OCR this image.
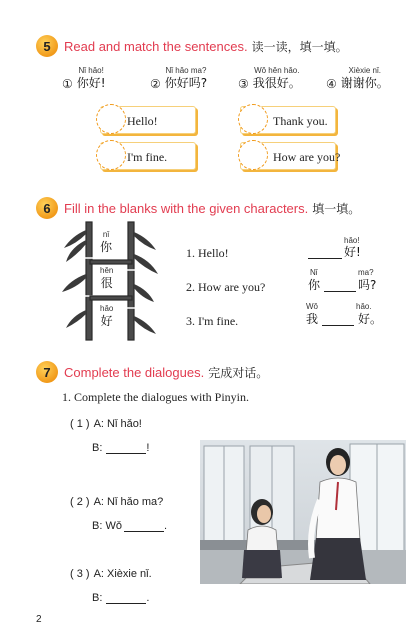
5 Read and match the sentences. 读一读，填一填。
①
Nǐ hǎo!
你好!	②
Nǐ hǎo ma?
你好吗?	③
Wǒ hěn hǎo.
我很好。 ④
Xièxie nǐ.
谢谢你。
Hello!	Thank you.
I'm fine.	How are you?
6 Fill in the blanks with the given characters. 填一填。
nǐ
你
hěn
很
hǎo
好
1. Hello!
2. How are you?
3. I'm fine.
hǎo!
好!
Nǐ	ma?
你	吗?
Wǒ	hǎo.
我	好。
7 Complete the dialogues. 完成对话。
1. Complete the dialogues with Pinyin.
( 1 ) A: Nǐ hǎo!
B:	!
( 2 ) A: Nǐ hǎo ma?
B: Wǒ	.
( 3 ) A: Xièxie nǐ.
B:	.
2
